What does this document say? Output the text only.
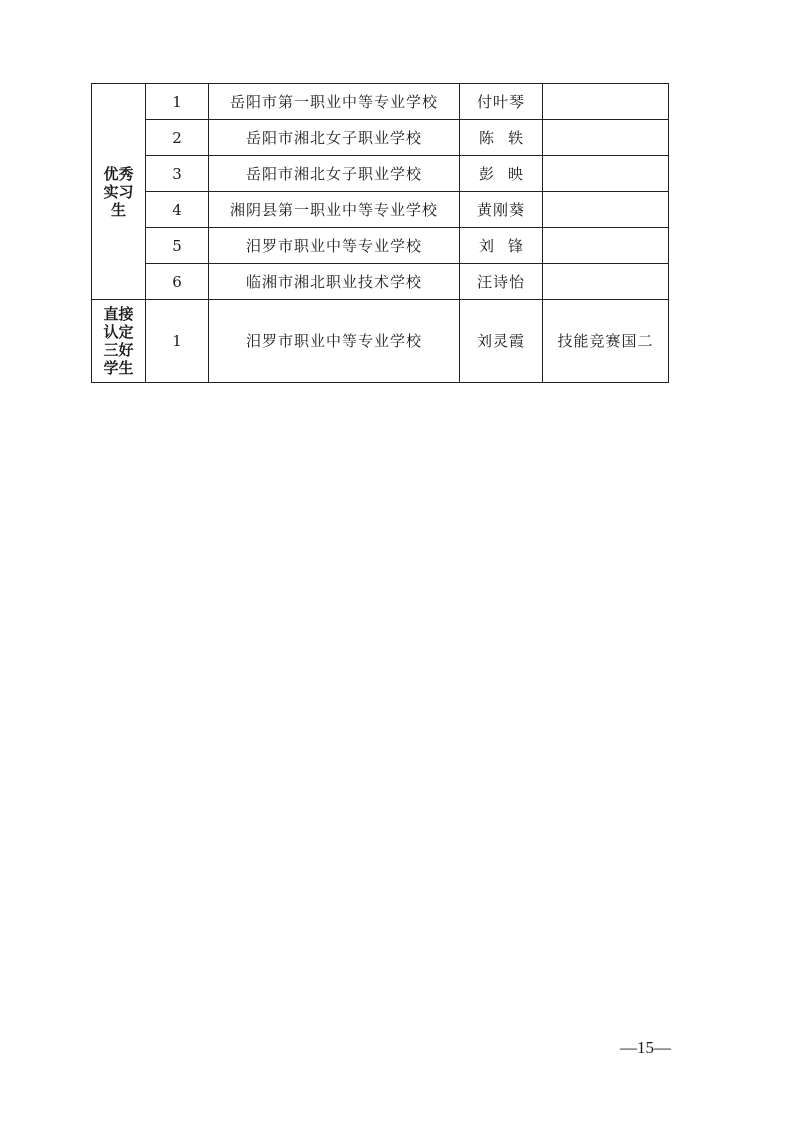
优秀
实习
生	1	岳阳市第一职业中等专业学校	付叶琴	
	2	岳阳市湘北女子职业学校	陈轶	
	3	岳阳市湘北女子职业学校	彭映	
	4	湘阴县第一职业中等专业学校	黄刚葵	
	5	汨罗市职业中等专业学校	刘锋	
	6	临湘市湘北职业技术学校	汪诗怡	

直接
认定
三好
学生	1	汨罗市职业中等专业学校	刘灵霞	技能竞赛国二
—15—
